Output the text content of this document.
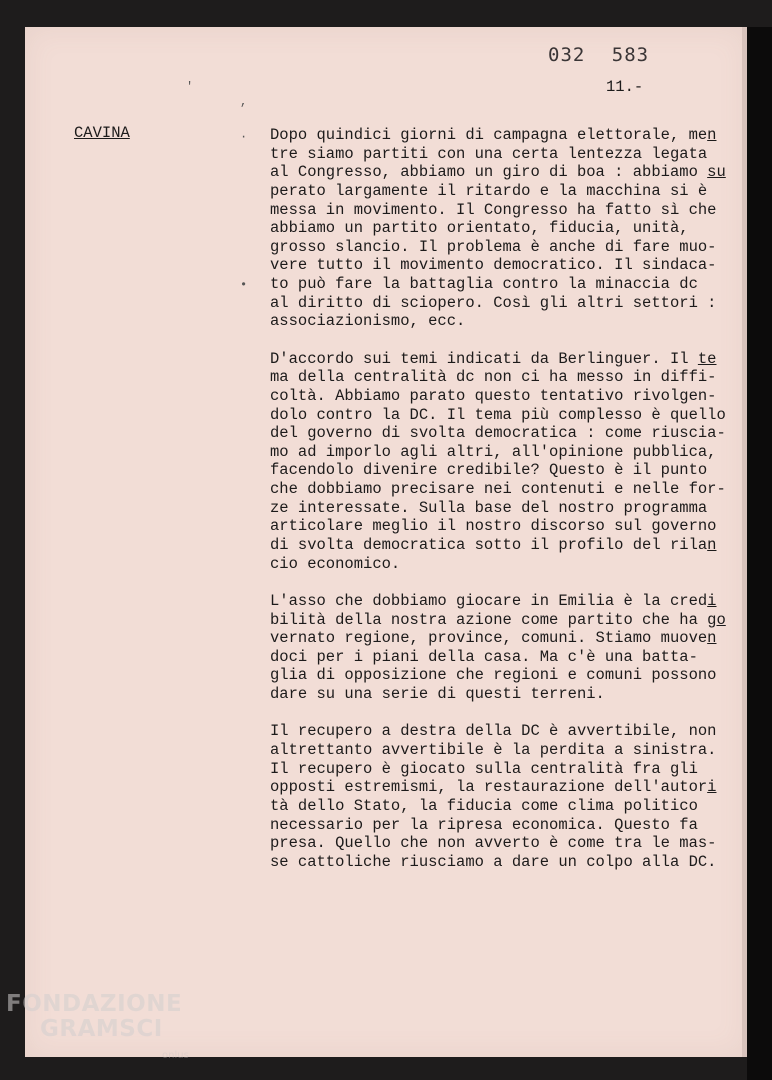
032 583
11.-
CAVINA
'
,
·
•
Dopo quindici giorni di campagna elettorale, men
tre siamo partiti con una certa lentezza legata
al Congresso, abbiamo un giro di boa : abbiamo su
perato largamente il ritardo e la macchina si è
messa in movimento. Il Congresso ha fatto sì che
abbiamo un partito orientato, fiducia, unità,
grosso slancio. Il problema è anche di fare muo-
vere tutto il movimento democratico. Il sindaca-
to può fare la battaglia contro la minaccia dc
al diritto di sciopero. Così gli altri settori :
associazionismo, ecc.
D'accordo sui temi indicati da Berlinguer. Il te
ma della centralità dc non ci ha messo in diffi-
coltà. Abbiamo parato questo tentativo rivolgen-
dolo contro la DC. Il tema più complesso è quello
del governo di svolta democratica : come riuscia-
mo ad imporlo agli altri, all'opinione pubblica,
facendolo divenire credibile? Questo è il punto
che dobbiamo precisare nei contenuti e nelle for-
ze interessate. Sulla base del nostro programma
articolare meglio il nostro discorso sul governo
di svolta democratica sotto il profilo del rilan
cio economico.
L'asso che dobbiamo giocare in Emilia è la credi
bilità della nostra azione come partito che ha go
vernato regione, province, comuni. Stiamo muoven
doci per i piani della casa. Ma c'è una batta-
glia di opposizione che regioni e comuni possono
dare su una serie di questi terreni.
Il recupero a destra della DC è avvertibile, non
altrettanto avvertibile è la perdita a sinistra.
Il recupero è giocato sulla centralità fra gli
opposti estremismi, la restaurazione dell'autori
tà dello Stato, la fiducia come clima politico
necessario per la ripresa economica. Questo fa
presa. Quello che non avverto è come tra le mas-
se cattoliche riusciamo a dare un colpo alla DC.
FONDAZIONE
GRAMSCI
onlus
